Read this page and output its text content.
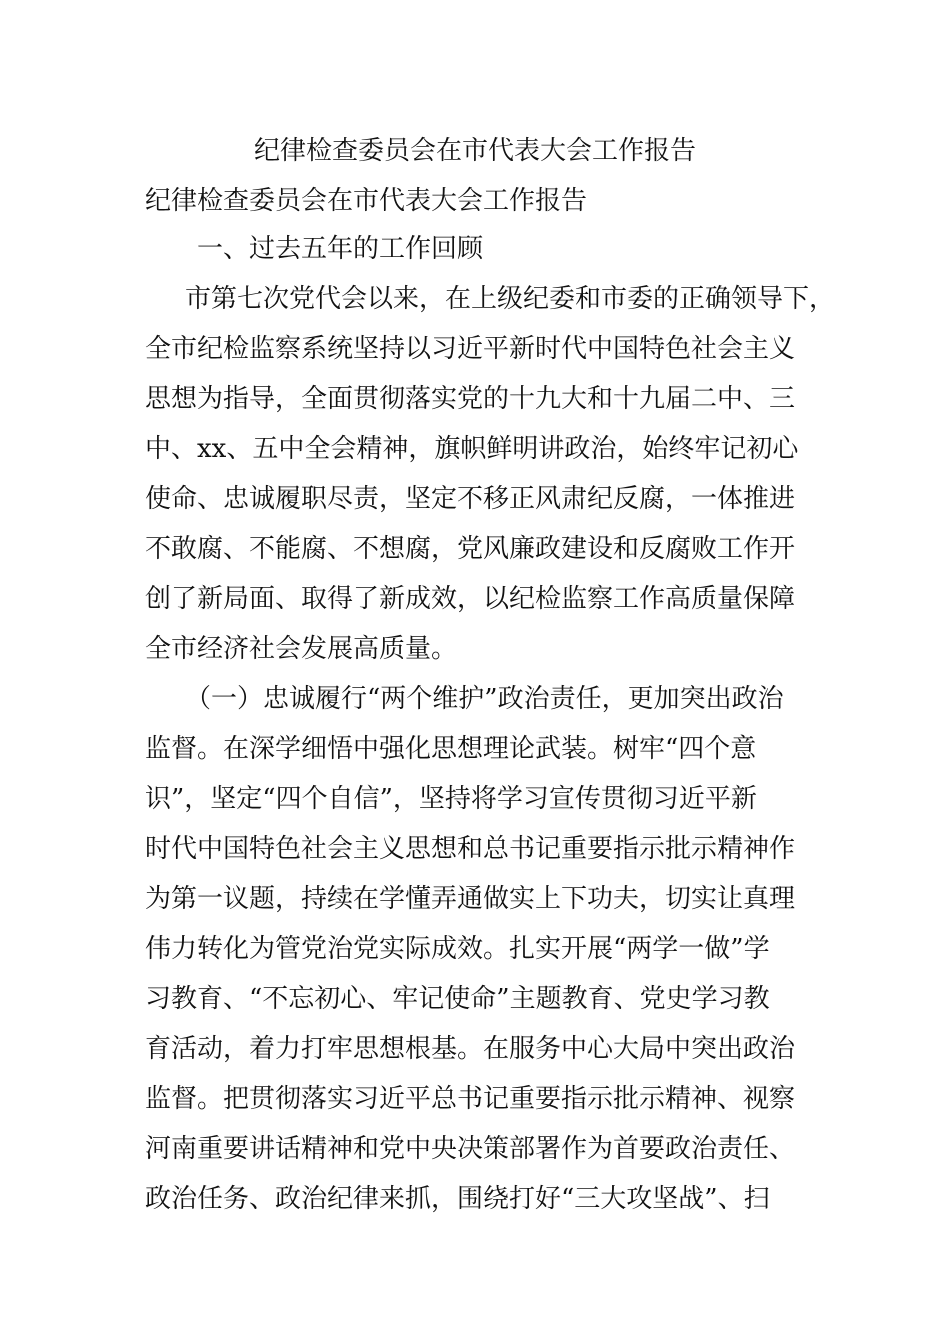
纪律检查委员会在市代表大会工作报告
纪律检查委员会在市代表大会工作报告
一、过去五年的工作回顾
市第七次党代会以来，在上级纪委和市委的正确领导下，
全市纪检监察系统坚持以习近平新时代中国特色社会主义
思想为指导，全面贯彻落实党的十九大和十九届二中、三
中、xx、五中全会精神，旗帜鲜明讲政治，始终牢记初心
使命、忠诚履职尽责，坚定不移正风肃纪反腐，一体推进
不敢腐、不能腐、不想腐，党风廉政建设和反腐败工作开
创了新局面、取得了新成效，以纪检监察工作高质量保障
全市经济社会发展高质量。
（一）忠诚履行“两个维护”政治责任，更加突出政治
监督。在深学细悟中强化思想理论武装。树牢“四个意
识”，坚定“四个自信”，坚持将学习宣传贯彻习近平新
时代中国特色社会主义思想和总书记重要指示批示精神作
为第一议题，持续在学懂弄通做实上下功夫，切实让真理
伟力转化为管党治党实际成效。扎实开展“两学一做”学
习教育、“不忘初心、牢记使命”主题教育、党史学习教
育活动，着力打牢思想根基。在服务中心大局中突出政治
监督。把贯彻落实习近平总书记重要指示批示精神、视察
河南重要讲话精神和党中央决策部署作为首要政治责任、
政治任务、政治纪律来抓，围绕打好“三大攻坚战”、扫
